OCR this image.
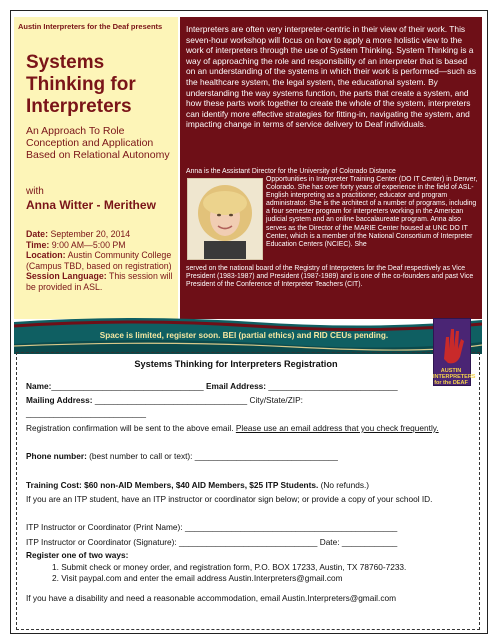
Austin Interpreters for the Deaf presents
Systems Thinking for Interpreters
An Approach To Role Conception and Application Based on Relational Autonomy
with
Anna Witter - Merithew
Date: September 20, 2014
Time: 9:00 AM—5:00 PM
Location: Austin Community College (Campus TBD, based on registration)
Session Language: This session will be provided in ASL.
Interpreters are often very interpreter-centric in their view of their work. This seven-hour workshop will focus on how to apply a more holistic view to the work of interpreters through the use of System Thinking. System Thinking is a way of approaching the role and responsibility of an interpreter that is based on an understanding of the systems in which their work is performed—such as the healthcare system, the legal system, the educational system. By understanding the way systems function, the parts that create a system, and how these parts work together to create the whole of the system, interpreters can identify more effective strategies for fitting-in, navigating the system, and impacting change in terms of service delivery to Deaf individuals.
Anna is the Assistant Director for the University of Colorado Distance
Opportunities in Interpreter Training Center (DO IT Center) in Denver, Colorado. She has over forty years of experience in the field of ASL-English interpreting as a practitioner, educator and program administrator. She is the architect of a number of programs, including a four semester program for interpreters working in the American judicial system and an online baccalaureate program. Anna also serves as the Director of the MARIE Center housed at UNC DO IT Center, which is a member of the National Consortium of Interpreter Education Centers (NCIEC). She
served on the national board of the Registry of Interpreters for the Deaf respectively as Vice President (1983-1987) and President (1987-1989) and is one of the co-founders and past Vice President of the Conference of Interpreter Teachers (CIT).
Space is limited, register soon. BEI (partial ethics) and RID CEUs pending.
AUSTIN
INTERPRETERS
for the DEAF
Systems Thinking for Interpreters Registration
Name:_________________________________ Email Address: ____________________________
Mailing Address: _________________________________ City/State/ZIP:
__________________________
Registration confirmation will be sent to the above email. Please use an email address that you check frequently.
Phone number: (best number to call or text): _______________________________
Training Cost: $60 non-AID Members, $40 AID Members, $25 ITP Students. (No refunds.)
If you are an ITP student, have an ITP instructor or coordinator sign below; or provide a copy of your school ID.
ITP Instructor or Coordinator (Print Name): ______________________________________________
ITP Instructor or Coordinator (Signature): ______________________________ Date: ____________
Register one of two ways:
1. Submit check or money order, and registration form, P.O. BOX 17233, Austin, TX 78760-7233.
2. Visit paypal.com and enter the email address Austin.Interpreters@gmail.com
If you have a disability and need a reasonable accommodation, email Austin.Interpreters@gmail.com
